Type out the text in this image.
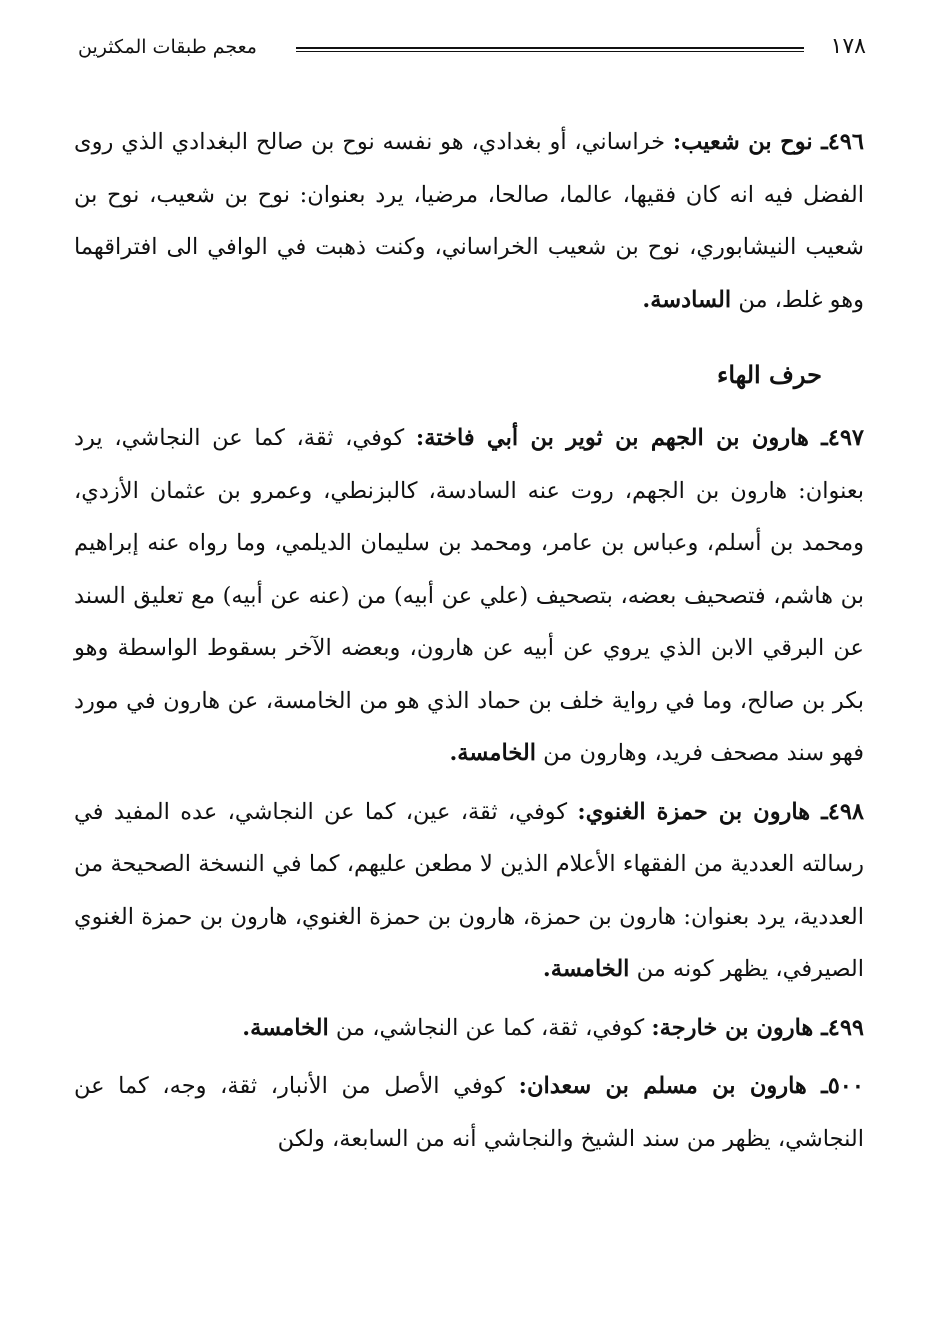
١٧٨
معجم طبقات المكثرين

٤٩٦ـ نوح بن شعيب: خراساني، أو بغدادي، هو نفسه نوح بن صالح البغدادي الذي روى الفضل فيه انه كان فقيها، عالما، صالحا، مرضيا، يرد بعنوان: نوح بن شعيب، نوح بن شعيب النيشابوري، نوح بن شعيب الخراساني، وكنت ذهبت في الوافي الى افتراقهما وهو غلط، من السادسة.

حرف الهاء

٤٩٧ـ هارون بن الجهم بن ثوير بن أبي فاختة: كوفي، ثقة، كما عن النجاشي، يرد بعنوان: هارون بن الجهم، روت عنه السادسة، كالبزنطي، وعمرو بن عثمان الأزدي، ومحمد بن أسلم، وعباس بن عامر، ومحمد بن سليمان الديلمي، وما رواه عنه إبراهيم بن هاشم، فتصحيف بعضه، بتصحيف (علي عن أبيه) من (عنه عن أبيه) مع تعليق السند عن البرقي الابن الذي يروي عن أبيه عن هارون، وبعضه الآخر بسقوط الواسطة وهو بكر بن صالح، وما في رواية خلف بن حماد الذي هو من الخامسة، عن هارون في مورد فهو سند مصحف فريد، وهارون من الخامسة.

٤٩٨ـ هارون بن حمزة الغنوي: كوفي، ثقة، عين، كما عن النجاشي، عده المفيد في رسالته العددية من الفقهاء الأعلام الذين لا مطعن عليهم، كما في النسخة الصحيحة من العددية، يرد بعنوان: هارون بن حمزة، هارون بن حمزة الغنوي، هارون بن حمزة الغنوي الصيرفي، يظهر كونه من الخامسة.

٤٩٩ـ هارون بن خارجة: كوفي، ثقة، كما عن النجاشي، من الخامسة.

٥٠٠ـ هارون بن مسلم بن سعدان: كوفي الأصل من الأنبار، ثقة، وجه، كما عن النجاشي، يظهر من سند الشيخ والنجاشي أنه من السابعة، ولكن
